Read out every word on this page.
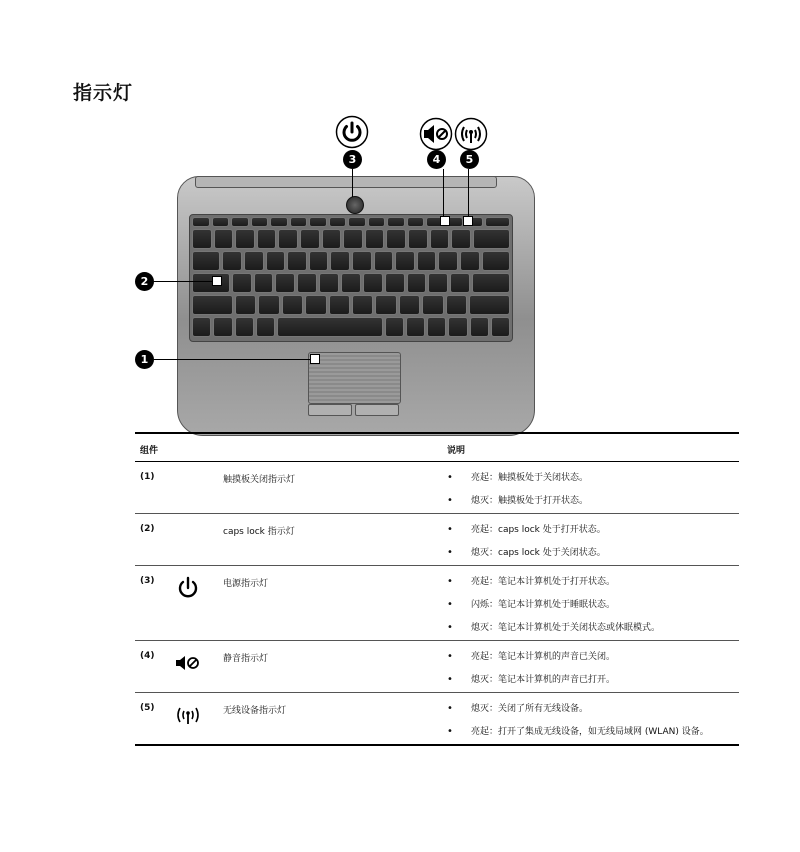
指示灯
3	4	5
2
1
组件	说明
(1)	触摸板关闭指示灯	• 亮起：触摸板处于关闭状态。
• 熄灭：触摸板处于打开状态。
(2)	caps lock 指示灯	• 亮起：caps lock 处于打开状态。
• 熄灭：caps lock 处于关闭状态。
(3)	电源指示灯	• 亮起：笔记本计算机处于打开状态。
• 闪烁：笔记本计算机处于睡眠状态。
• 熄灭：笔记本计算机处于关闭状态或休眠模式。
(4)	静音指示灯	• 亮起：笔记本计算机的声音已关闭。
• 熄灭：笔记本计算机的声音已打开。
(5)	无线设备指示灯	• 熄灭：关闭了所有无线设备。
• 亮起：打开了集成无线设备，如无线局域网 (WLAN) 设备。
